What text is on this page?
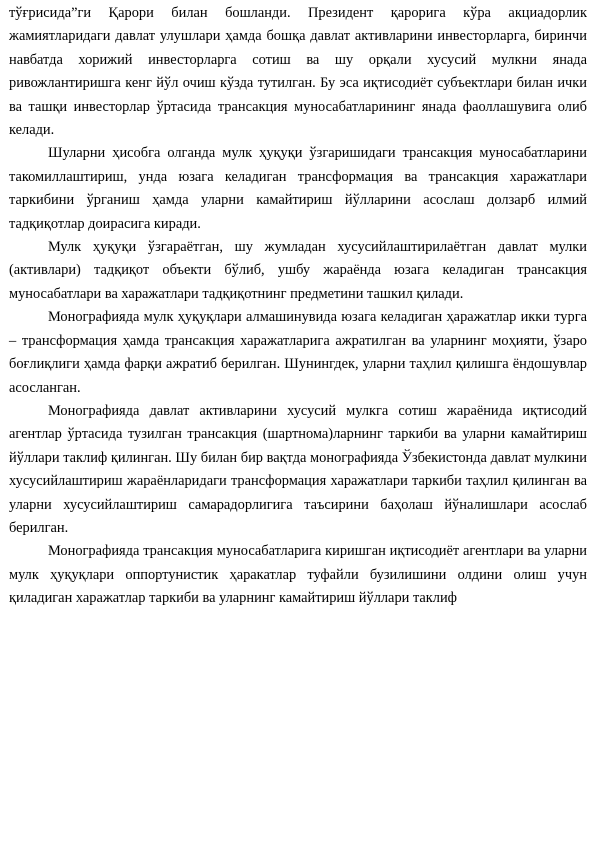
тўғрисида”ги Қарори билан бошланди. Президент қарорига кўра акциадорлик жамиятларидаги давлат улушлари ҳамда бошқа давлат активларини инвесторларга, биринчи навбатда хорижий инвесторларга сотиш ва шу орқали хусусий мулкни янада ривожлантиришга кенг йўл очиш кўзда тутилган. Бу эса иқтисодиёт субъектлари билан ички ва ташқи инвесторлар ўртасида трансакция муносабатларининг янада фаоллашувига олиб келади.

Шуларни ҳисобга олганда мулк ҳуқуқи ўзгаришидаги трансакция муносабатларини такомиллаштириш, унда юзага келадиган трансформация ва трансакция харажатлари таркибини ўрганиш ҳамда уларни камайтириш йўлларини асослаш долзарб илмий тадқиқотлар доирасига киради.

Мулк ҳуқуқи ўзгараётган, шу жумладан хусусийлаштирилаётган давлат мулки (активлари) тадқиқот объекти бўлиб, ушбу жараёнда юзага келадиган трансакция муносабатлари ва харажатлари тадқиқотнинг предметини ташкил қилади.

Монографияда мулк ҳуқуқлари алмашинувида юзага келадиган ҳаражатлар икки турга – трансформация ҳамда трансакция харажатларига ажратилган ва уларнинг моҳияти, ўзаро боғлиқлиги ҳамда фарқи ажратиб берилган. Шунингдек, уларни таҳлил қилишга ёндошувлар асосланган.

Монографияда давлат активларини хусусий мулкга сотиш жараёнида иқтисодий агентлар ўртасида тузилган трансакция (шартнома)ларнинг таркиби ва уларни камайтириш йўллари таклиф қилинган. Шу билан бир вақтда монографияда Ўзбекистонда давлат мулкини хусусийлаштириш жараёнларидаги трансформация харажатлари таркиби таҳлил қилинган ва уларни хусусийлаштириш самарадорлигига таъсирини баҳолаш йўналишлари асослаб берилган.

Монографияда трансакция муносабатларига киришган иқтисодиёт агентлари ва уларни мулк ҳуқуқлари оппортунистик ҳаракатлар туфайли бузилишини олдини олиш учун қиладиган харажатлар таркиби ва уларнинг камайтириш йўллари таклиф
